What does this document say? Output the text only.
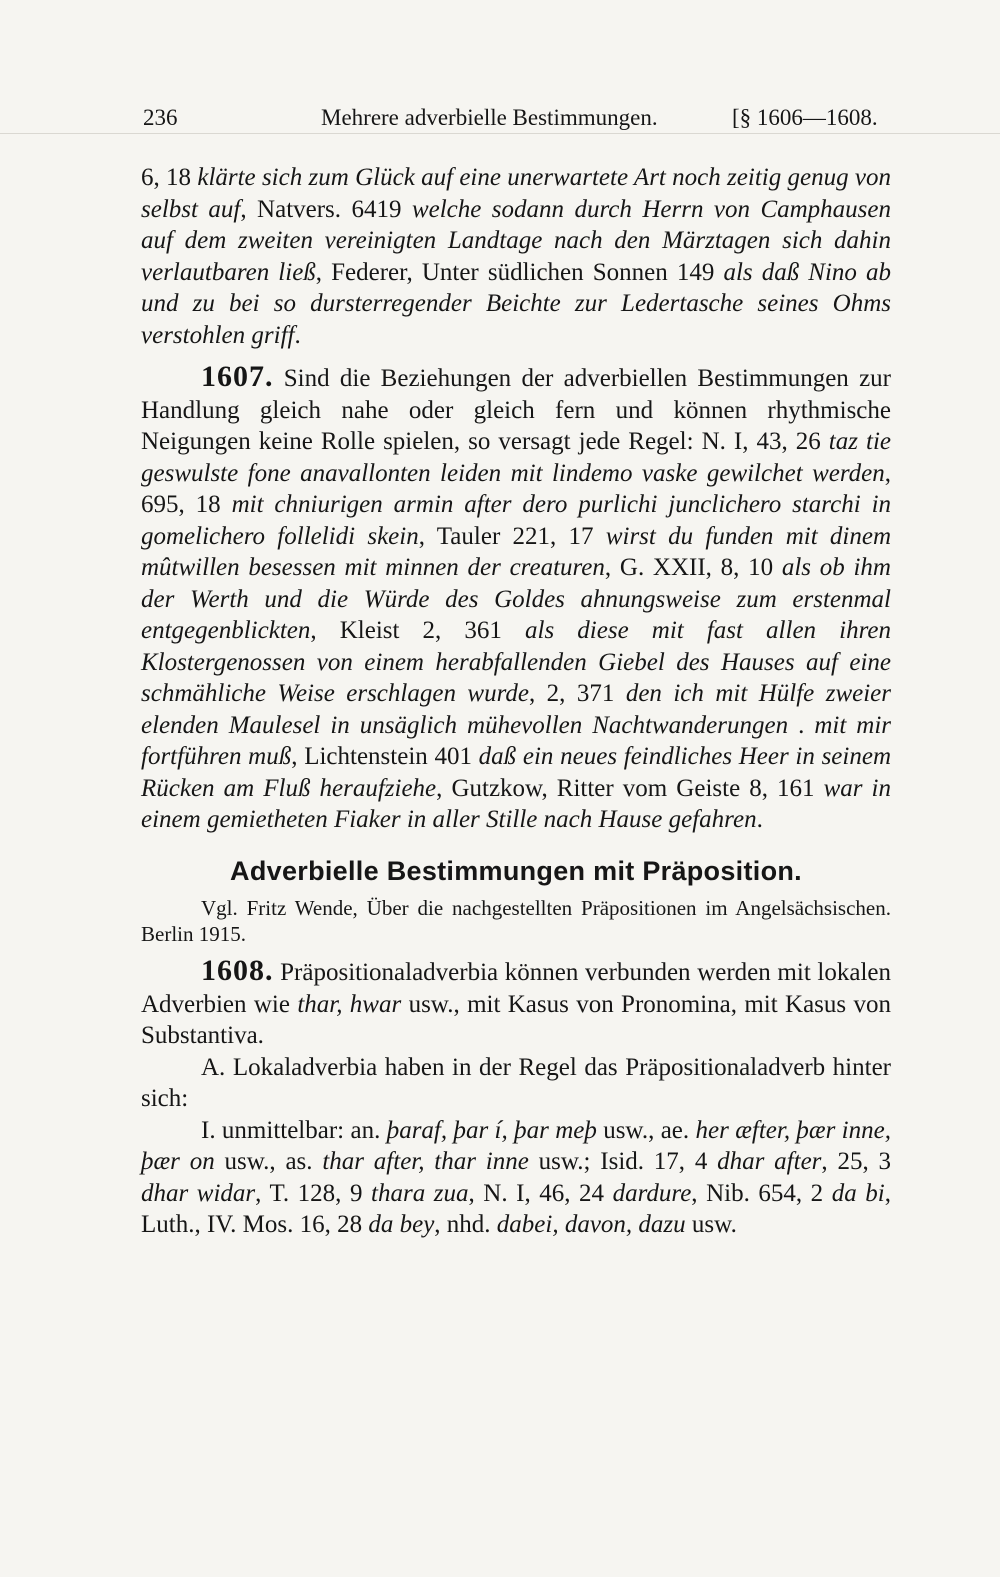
236	Mehrere adverbielle Bestimmungen.	[§ 1606—1608.

6, 18 klärte sich zum Glück auf eine unerwartete Art noch zeitig genug von selbst auf, Natvers. 6419 welche sodann durch Herrn von Camphausen auf dem zweiten vereinigten Landtage nach den Märztagen sich dahin verlautbaren ließ, Federer, Unter südlichen Sonnen 149 als daß Nino ab und zu bei so dursterregender Beichte zur Ledertasche seines Ohms verstohlen griff.

1607. Sind die Beziehungen der adverbiellen Bestimmungen zur Handlung gleich nahe oder gleich fern und können rhythmische Neigungen keine Rolle spielen, so versagt jede Regel: N. I, 43, 26 taz tie geswulste fone anavallonten leiden mit lindemo vaske gewilchet werden, 695, 18 mit chniurigen armin after dero purlichi junclichero starchi in gomelichero follelidi skein, Tauler 221, 17 wirst du funden mit dinem mûtwillen besessen mit minnen der creaturen, G. XXII, 8, 10 als ob ihm der Werth und die Würde des Goldes ahnungsweise zum erstenmal entgegenblickten, Kleist 2, 361 als diese mit fast allen ihren Klostergenossen von einem herabfallenden Giebel des Hauses auf eine schmähliche Weise erschlagen wurde, 2, 371 den ich mit Hülfe zweier elenden Maulesel in unsäglich mühevollen Nachtwanderungen . mit mir fortführen muß, Lichtenstein 401 daß ein neues feindliches Heer in seinem Rücken am Fluß heraufziehe, Gutzkow, Ritter vom Geiste 8, 161 war in einem gemietheten Fiaker in aller Stille nach Hause gefahren.

Adverbielle Bestimmungen mit Präposition.

Vgl. Fritz Wende, Über die nachgestellten Präpositionen im Angelsächsischen. Berlin 1915.

1608. Präpositionaladverbia können verbunden werden mit lokalen Adverbien wie thar, hwar usw., mit Kasus von Pronomina, mit Kasus von Substantiva.

A. Lokaladverbia haben in der Regel das Präpositionaladverb hinter sich:

I. unmittelbar: an. þaraf, þar í, þar meþ usw., ae. her æfter, þær inne, þær on usw., as. thar after, thar inne usw.; Isid. 17, 4 dhar after, 25, 3 dhar widar, T. 128, 9 thara zua, N. I, 46, 24 dardure, Nib. 654, 2 da bi, Luth., IV. Mos. 16, 28 da bey, nhd. dabei, davon, dazu usw.
